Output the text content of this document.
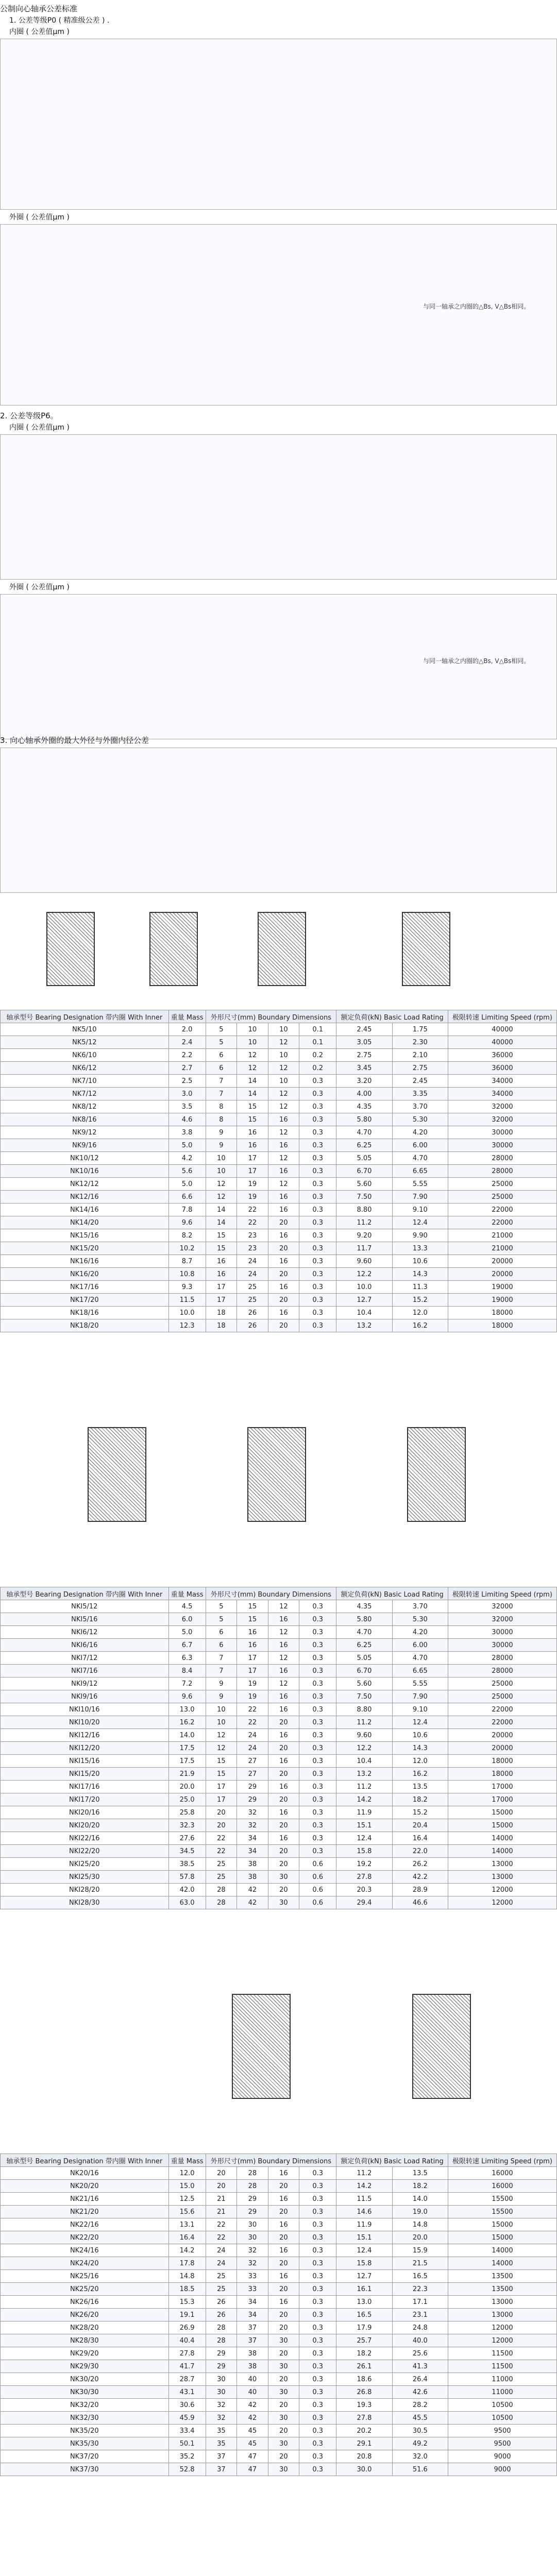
公制向心轴承公差标准
1. 公差等级P0 ( 精准级公差 ) .
内圈 ( 公差值μm )
外圈 ( 公差值μm )
与同一轴承之内圈的△Bs, V△Bs相同。
2. 公差等级P6。
内圈 ( 公差值μm )
外圈 ( 公差值μm )
与同一轴承之内圈的△Bs, V△Bs相同。
3. 向心轴承外圈的最大外径与外圈内径公差
轴承型号 Bearing Designation 带内圈 With Inner	重量 Mass	外形尺寸(mm) Boundary Dimensions				额定负荷(kN) Basic Load Rating		极限转速 Limiting Speed (rpm)
NK5/10	2.0	5	10	10	0.1	2.45	1.75	40000
NK5/12	2.4	5	10	12	0.1	3.05	2.30	40000
NK6/10	2.2	6	12	10	0.2	2.75	2.10	36000
NK6/12	2.7	6	12	12	0.2	3.45	2.75	36000
NK7/10	2.5	7	14	10	0.3	3.20	2.45	34000
NK7/12	3.0	7	14	12	0.3	4.00	3.35	34000
NK8/12	3.5	8	15	12	0.3	4.35	3.70	32000
NK8/16	4.6	8	15	16	0.3	5.80	5.30	32000
NK9/12	3.8	9	16	12	0.3	4.70	4.20	30000
NK9/16	5.0	9	16	16	0.3	6.25	6.00	30000
NK10/12	4.2	10	17	12	0.3	5.05	4.70	28000
NK10/16	5.6	10	17	16	0.3	6.70	6.65	28000
NK12/12	5.0	12	19	12	0.3	5.60	5.55	25000
NK12/16	6.6	12	19	16	0.3	7.50	7.90	25000
NK14/16	7.8	14	22	16	0.3	8.80	9.10	22000
NK14/20	9.6	14	22	20	0.3	11.2	12.4	22000
NK15/16	8.2	15	23	16	0.3	9.20	9.90	21000
NK15/20	10.2	15	23	20	0.3	11.7	13.3	21000
NK16/16	8.7	16	24	16	0.3	9.60	10.6	20000
NK16/20	10.8	16	24	20	0.3	12.2	14.3	20000
NK17/16	9.3	17	25	16	0.3	10.0	11.3	19000
NK17/20	11.5	17	25	20	0.3	12.7	15.2	19000
NK18/16	10.0	18	26	16	0.3	10.4	12.0	18000
NK18/20	12.3	18	26	20	0.3	13.2	16.2	18000
轴承型号 Bearing Designation 带内圈 With Inner	重量 Mass	外形尺寸(mm) Boundary Dimensions				额定负荷(kN) Basic Load Rating		极限转速 Limiting Speed (rpm)
NKI5/12	4.5	5	15	12	0.3	4.35	3.70	32000
NKI5/16	6.0	5	15	16	0.3	5.80	5.30	32000
NKI6/12	5.0	6	16	12	0.3	4.70	4.20	30000
NKI6/16	6.7	6	16	16	0.3	6.25	6.00	30000
NKI7/12	6.3	7	17	12	0.3	5.05	4.70	28000
NKI7/16	8.4	7	17	16	0.3	6.70	6.65	28000
NKI9/12	7.2	9	19	12	0.3	5.60	5.55	25000
NKI9/16	9.6	9	19	16	0.3	7.50	7.90	25000
NKI10/16	13.0	10	22	16	0.3	8.80	9.10	22000
NKI10/20	16.2	10	22	20	0.3	11.2	12.4	22000
NKI12/16	14.0	12	24	16	0.3	9.60	10.6	20000
NKI12/20	17.5	12	24	20	0.3	12.2	14.3	20000
NKI15/16	17.5	15	27	16	0.3	10.4	12.0	18000
NKI15/20	21.9	15	27	20	0.3	13.2	16.2	18000
NKI17/16	20.0	17	29	16	0.3	11.2	13.5	17000
NKI17/20	25.0	17	29	20	0.3	14.2	18.2	17000
NKI20/16	25.8	20	32	16	0.3	11.9	15.2	15000
NKI20/20	32.3	20	32	20	0.3	15.1	20.4	15000
NKI22/16	27.6	22	34	16	0.3	12.4	16.4	14000
NKI22/20	34.5	22	34	20	0.3	15.8	22.0	14000
NKI25/20	38.5	25	38	20	0.6	19.2	26.2	13000
NKI25/30	57.8	25	38	30	0.6	27.8	42.2	13000
NKI28/20	42.0	28	42	20	0.6	20.3	28.9	12000
NKI28/30	63.0	28	42	30	0.6	29.4	46.6	12000
轴承型号 Bearing Designation 带内圈 With Inner	重量 Mass	外形尺寸(mm) Boundary Dimensions				额定负荷(kN) Basic Load Rating		极限转速 Limiting Speed (rpm)
NK20/16	12.0	20	28	16	0.3	11.2	13.5	16000
NK20/20	15.0	20	28	20	0.3	14.2	18.2	16000
NK21/16	12.5	21	29	16	0.3	11.5	14.0	15500
NK21/20	15.6	21	29	20	0.3	14.6	19.0	15500
NK22/16	13.1	22	30	16	0.3	11.9	14.8	15000
NK22/20	16.4	22	30	20	0.3	15.1	20.0	15000
NK24/16	14.2	24	32	16	0.3	12.4	15.9	14000
NK24/20	17.8	24	32	20	0.3	15.8	21.5	14000
NK25/16	14.8	25	33	16	0.3	12.7	16.5	13500
NK25/20	18.5	25	33	20	0.3	16.1	22.3	13500
NK26/16	15.3	26	34	16	0.3	13.0	17.1	13000
NK26/20	19.1	26	34	20	0.3	16.5	23.1	13000
NK28/20	26.9	28	37	20	0.3	17.9	24.8	12000
NK28/30	40.4	28	37	30	0.3	25.7	40.0	12000
NK29/20	27.8	29	38	20	0.3	18.2	25.6	11500
NK29/30	41.7	29	38	30	0.3	26.1	41.3	11500
NK30/20	28.7	30	40	20	0.3	18.6	26.4	11000
NK30/30	43.1	30	40	30	0.3	26.8	42.6	11000
NK32/20	30.6	32	42	20	0.3	19.3	28.2	10500
NK32/30	45.9	32	42	30	0.3	27.8	45.5	10500
NK35/20	33.4	35	45	20	0.3	20.2	30.5	9500
NK35/30	50.1	35	45	30	0.3	29.1	49.2	9500
NK37/20	35.2	37	47	20	0.3	20.8	32.0	9000
NK37/30	52.8	37	47	30	0.3	30.0	51.6	9000
